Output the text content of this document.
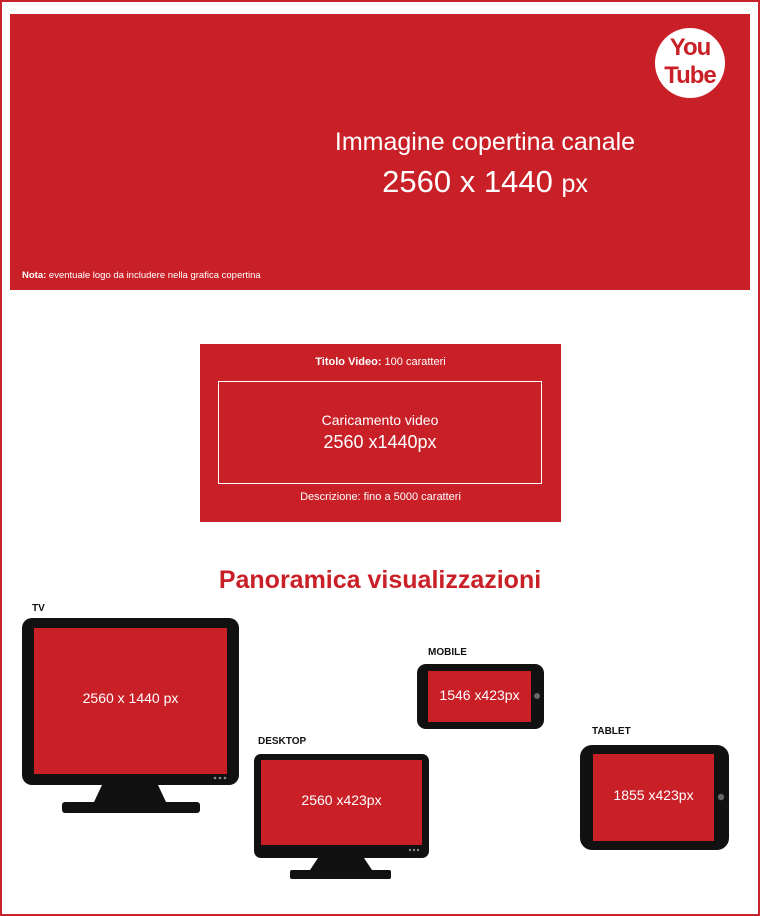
You
Tube
Immagine copertina canale
2560 x 1440 px
Nota: eventuale logo da includere nella grafica copertina
Titolo Video: 100 caratteri
Caricamento video
2560 x1440px
Descrizione: fino a 5000 caratteri
Panoramica visualizzazioni
TV
2560 x 1440 px
DESKTOP
2560 x423px
MOBILE
1546 x423px
TABLET
1855 x423px
